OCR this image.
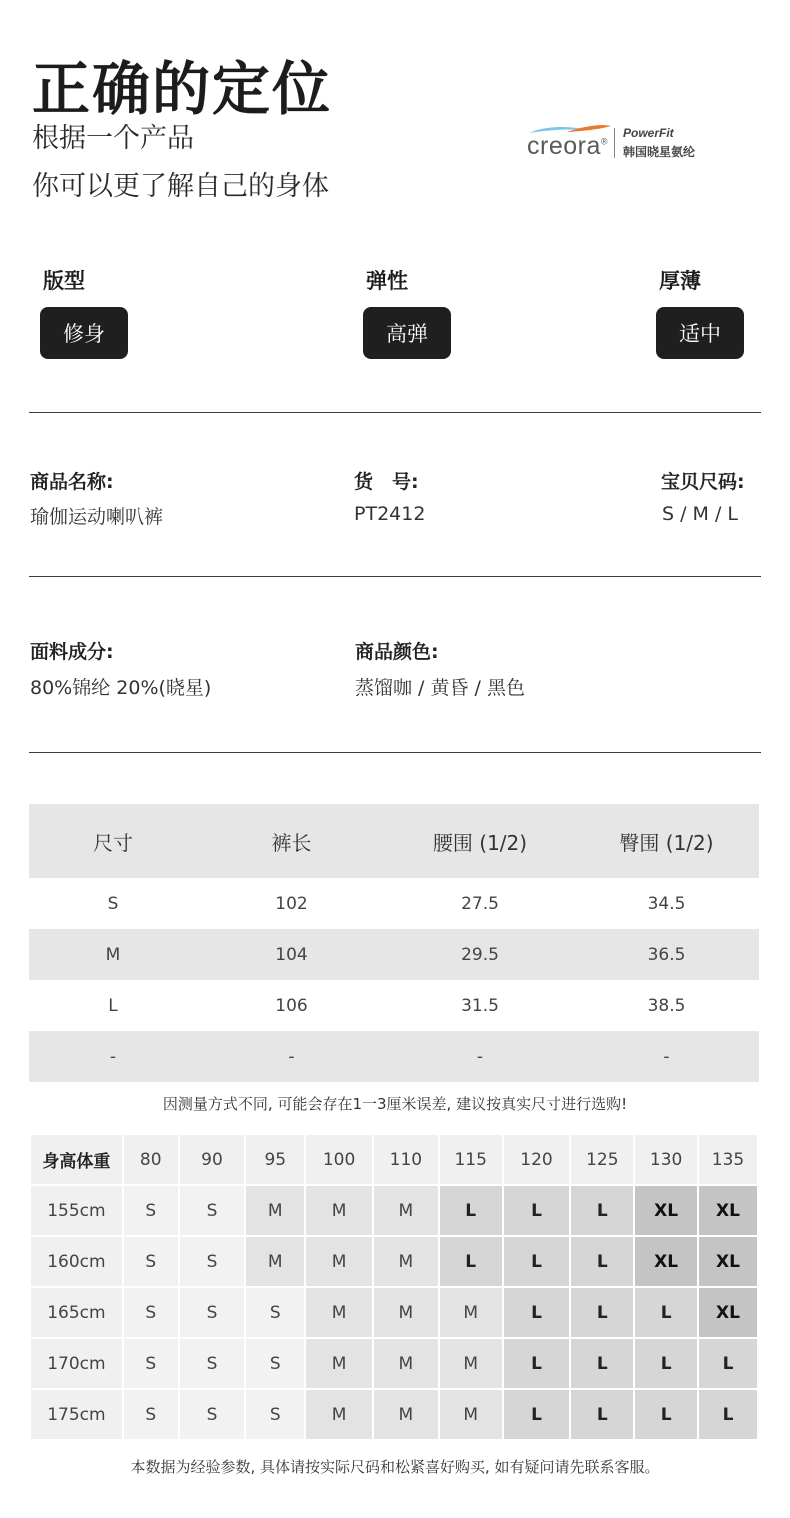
正确的定位
根据一个产品
你可以更了解自己的身体
creora®
PowerFit
韩国晓星氨纶
版型
修身
弹性
高弹
厚薄
适中
商品名称:
瑜伽运动喇叭裤
货　号:
PT2412
宝贝尺码:
S / M / L
面料成分:
80%锦纶 20%(晓星)
商品颜色:
蒸馏咖 / 黄昏 / 黑色
尺寸	裤长	腰围 (1/2)	臀围 (1/2)
S	102	27.5	34.5
M	104	29.5	36.5
L	106	31.5	38.5
-	-	-	-
因测量方式不同, 可能会存在1一3厘米误差, 建议按真实尺寸进行选购!
身高体重	80	90	95	100	110	115	120	125	130	135
155cm	S	S	M	M	M	L	L	L	XL	XL
160cm	S	S	M	M	M	L	L	L	XL	XL
165cm	S	S	S	M	M	M	L	L	L	XL
170cm	S	S	S	M	M	M	L	L	L	L
175cm	S	S	S	M	M	M	L	L	L	L
本数据为经验参数, 具体请按实际尺码和松紧喜好购买, 如有疑问请先联系客服。
